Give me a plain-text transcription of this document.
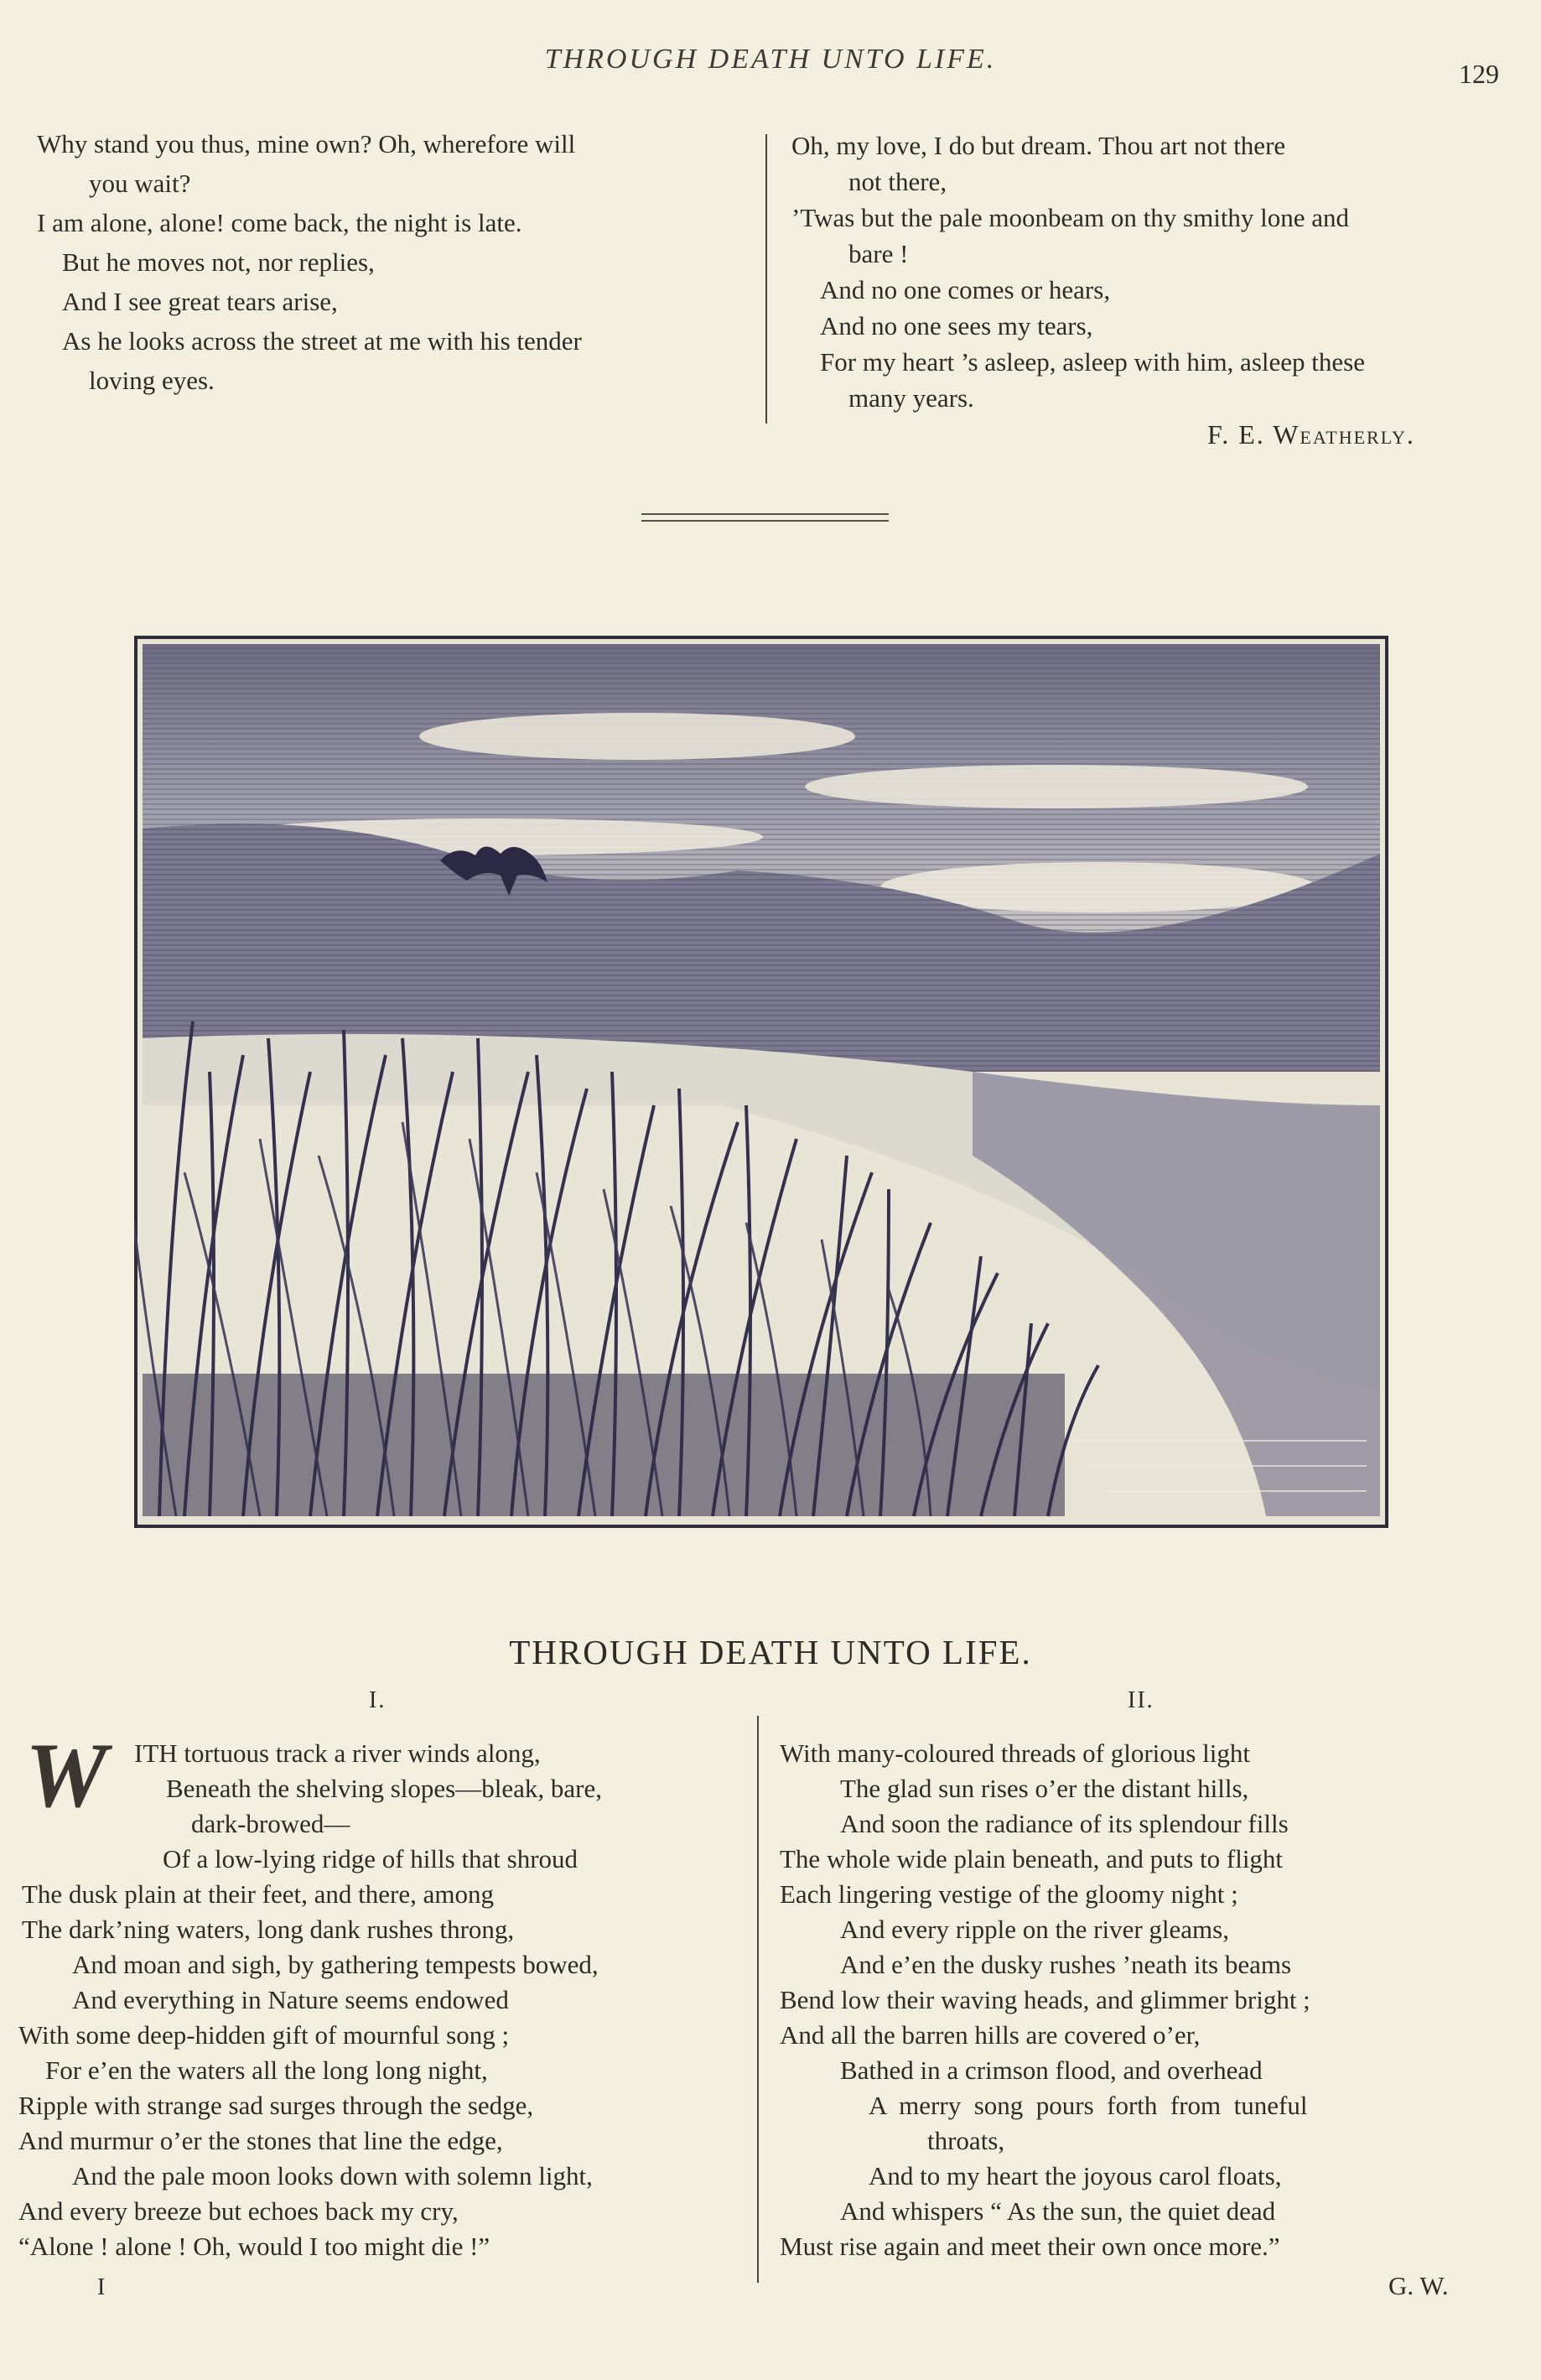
THROUGH DEATH UNTO LIFE.	129
Why stand you thus, mine own? Oh, wherefore will
you wait?
I am alone, alone! come back, the night is late.
But he moves not, nor replies,
And I see great tears arise,
As he looks across the street at me with his tender
loving eyes.
Oh, my love, I do but dream. Thou art not there
not there,
’Twas but the pale moonbeam on thy smithy lone and
bare !
And no one comes or hears,
And no one sees my tears,
For my heart ’s asleep, asleep with him, asleep these
many years.
F. E. Weatherly.
THROUGH DEATH UNTO LIFE.
I.	II.
W	ITH tortuous track a river winds along,
Beneath the shelving slopes—bleak, bare,
dark-browed—
Of a low-lying ridge of hills that shroud
The dusk plain at their feet, and there, among
The dark’ning waters, long dank rushes throng,
And moan and sigh, by gathering tempests bowed,
And everything in Nature seems endowed
With some deep-hidden gift of mournful song ;
For e’en the waters all the long long night,
Ripple with strange sad surges through the sedge,
And murmur o’er the stones that line the edge,
And the pale moon looks down with solemn light,
And every breeze but echoes back my cry,
“Alone ! alone ! Oh, would I too might die !”
I
With many-coloured threads of glorious light
The glad sun rises o’er the distant hills,
And soon the radiance of its splendour fills
The whole wide plain beneath, and puts to flight
Each lingering vestige of the gloomy night ;
And every ripple on the river gleams,
And e’en the dusky rushes ’neath its beams
Bend low their waving heads, and glimmer bright ;
And all the barren hills are covered o’er,
Bathed in a crimson flood, and overhead
A  merry  song  pours  forth  from  tuneful
throats,
And to my heart the joyous carol floats,
And whispers “ As the sun, the quiet dead
Must rise again and meet their own once more.”
G. W.
